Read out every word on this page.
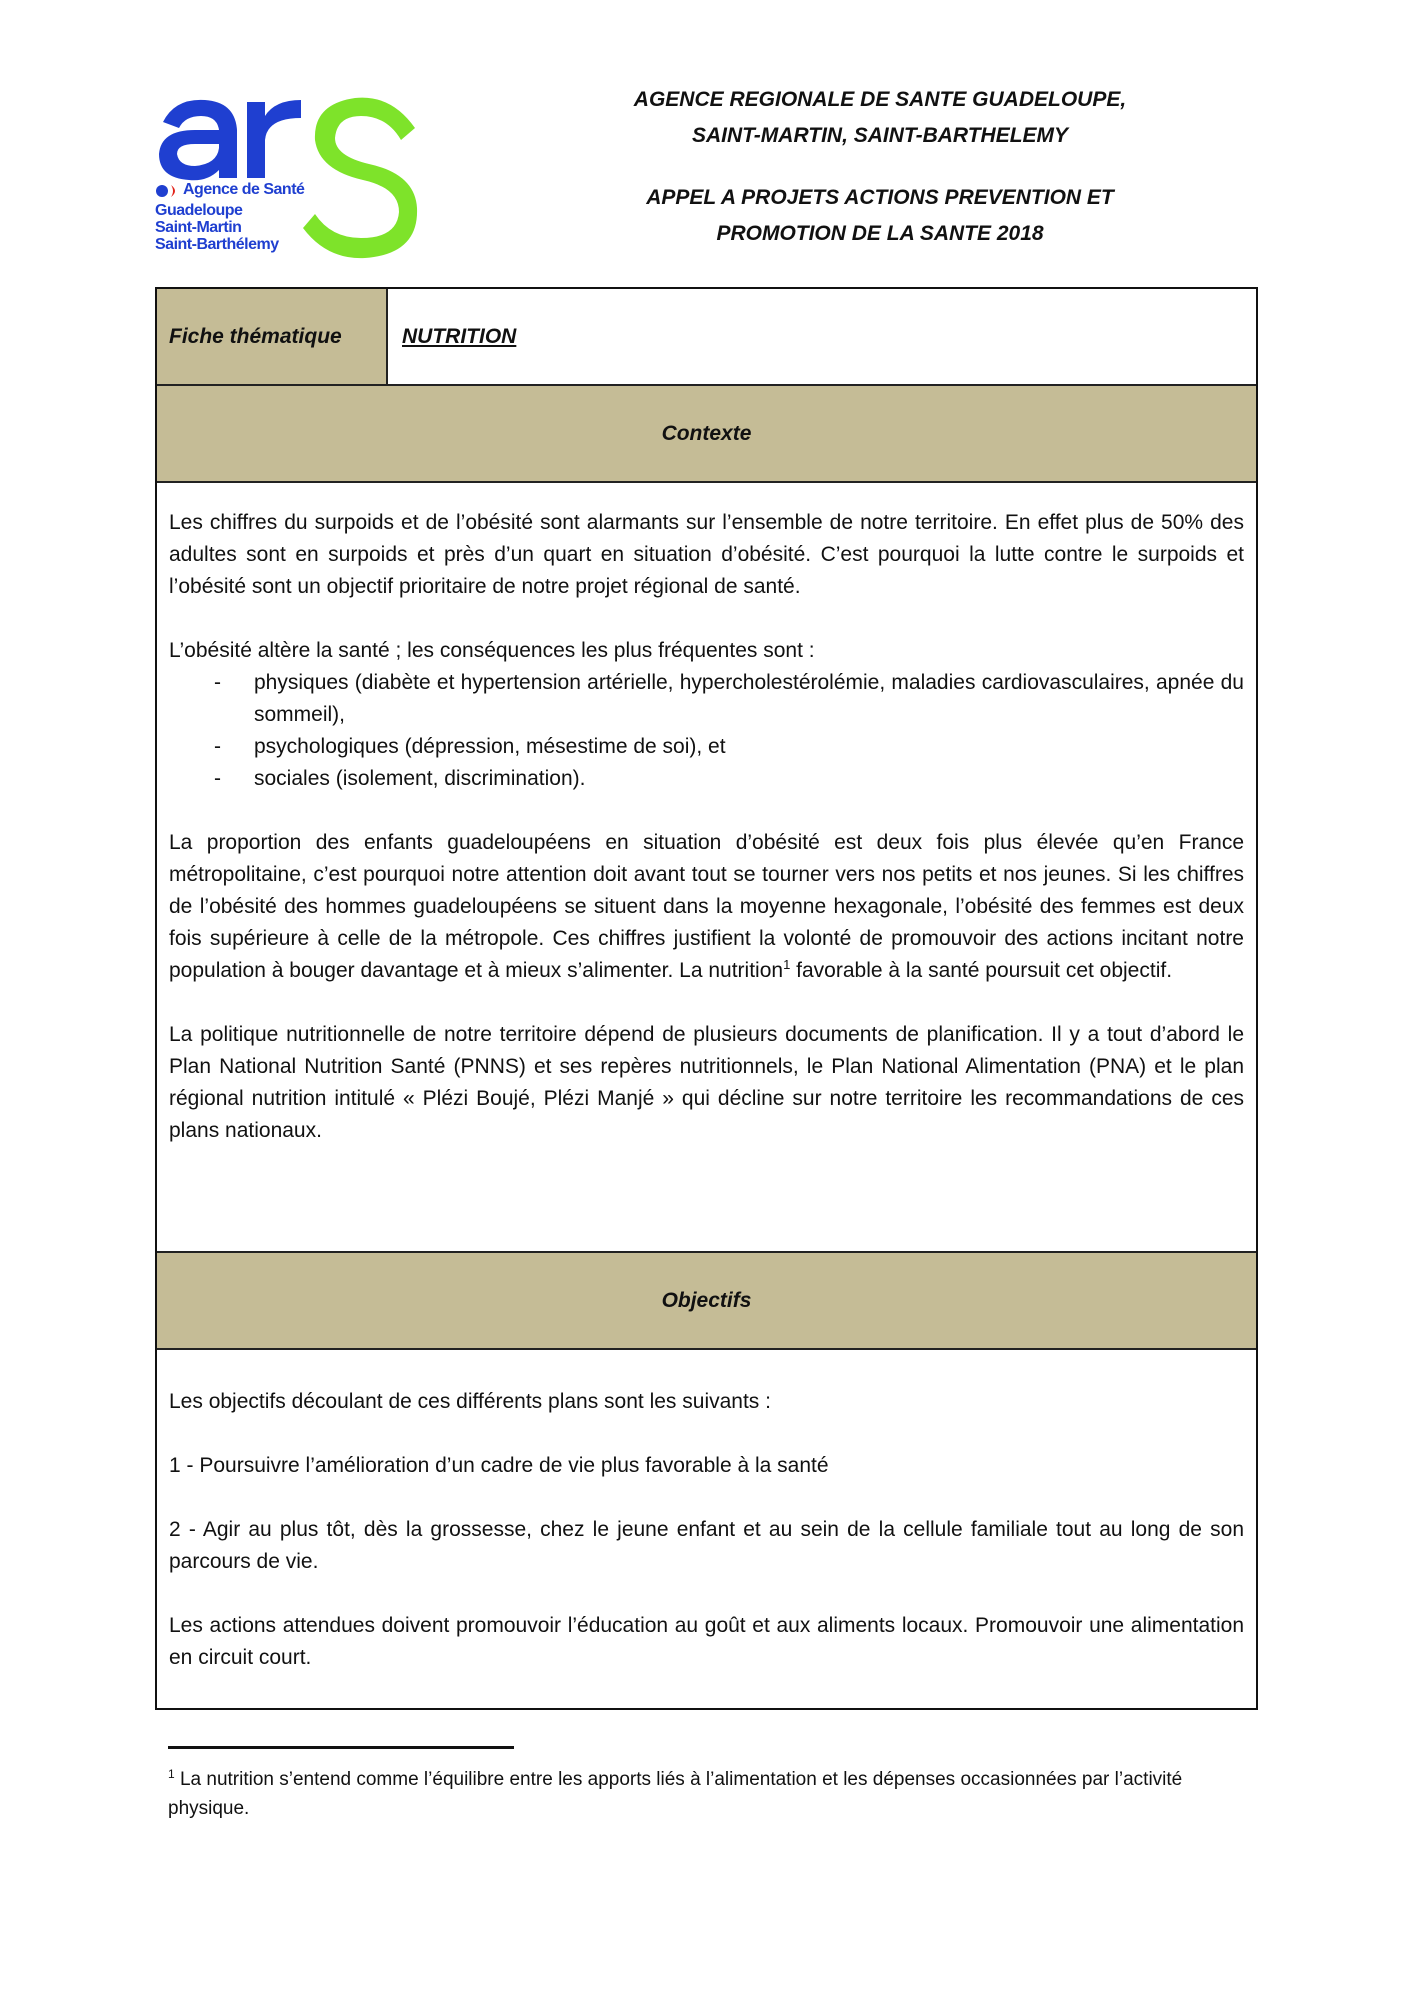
Agence de Santé
Guadeloupe
Saint-Martin
Saint-Barthélemy
AGENCE REGIONALE DE SANTE GUADELOUPE,
SAINT-MARTIN, SAINT-BARTHELEMY
APPEL A PROJETS ACTIONS PREVENTION ET
PROMOTION DE LA SANTE 2018
Fiche thématique	NUTRITION
Contexte

Les chiffres du surpoids et de l’obésité sont alarmants sur l’ensemble de notre territoire. En effet plus de 50% des adultes sont en surpoids et près d’un quart en situation d’obésité. C’est pourquoi la lutte contre le surpoids et l’obésité sont un objectif prioritaire de notre projet régional de santé.

L’obésité altère la santé ; les conséquences les plus fréquentes sont :
- physiques (diabète et hypertension artérielle, hypercholestérolémie, maladies cardiovasculaires, apnée du sommeil),
- psychologiques (dépression, mésestime de soi), et
- sociales (isolement, discrimination).

La proportion des enfants guadeloupéens en situation d’obésité est deux fois plus élevée qu’en France métropolitaine, c’est pourquoi notre attention doit avant tout se tourner vers nos petits et nos jeunes. Si les chiffres de l’obésité des hommes guadeloupéens se situent dans la moyenne hexagonale, l’obésité des femmes est deux fois supérieure à celle de la métropole. Ces chiffres justifient la volonté de promouvoir des actions incitant notre population à bouger davantage et à mieux s’alimenter. La nutrition$^1$ favorable à la santé poursuit cet objectif.

La politique nutritionnelle de notre territoire dépend de plusieurs documents de planification. Il y a tout d’abord le Plan National Nutrition Santé (PNNS) et ses repères nutritionnels, le Plan National Alimentation (PNA) et le plan régional nutrition intitulé « Plézi Boujé, Plézi Manjé » qui décline sur notre territoire les recommandations de ces plans nationaux.

Objectifs

Les objectifs découlant de ces différents plans sont les suivants :

1 - Poursuivre l’amélioration d’un cadre de vie plus favorable à la santé

2 - Agir au plus tôt, dès la grossesse, chez le jeune enfant et au sein de la cellule familiale tout au long de son parcours de vie.

Les actions attendues doivent promouvoir l’éducation au goût et aux aliments locaux. Promouvoir une alimentation en circuit court.

$^1$ La nutrition s’entend comme l’équilibre entre les apports liés à l’alimentation et les dépenses occasionnées par l’activité physique.
